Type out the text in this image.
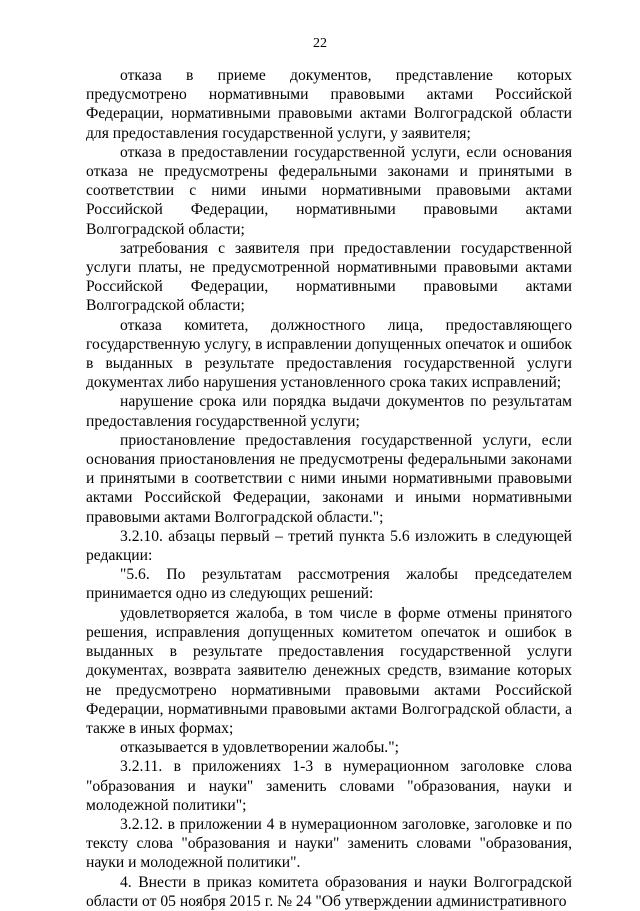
22

отказа в приеме документов, представление которых предусмотрено нормативными правовыми актами Российской Федерации, нормативными правовыми актами Волгоградской области для предоставления государственной услуги, у заявителя;

отказа в предоставлении государственной услуги, если основания отказа не предусмотрены федеральными законами и принятыми в соответствии с ними иными нормативными правовыми актами Российской Федерации, нормативными правовыми актами Волгоградской области;

затребования с заявителя при предоставлении государственной услуги платы, не предусмотренной нормативными правовыми актами Российской Федерации, нормативными правовыми актами Волгоградской области;

отказа комитета, должностного лица, предоставляющего государственную услугу, в исправлении допущенных опечаток и ошибок в выданных в результате предоставления государственной услуги документах либо нарушения установленного срока таких исправлений;

нарушение срока или порядка выдачи документов по результатам предоставления государственной услуги;

приостановление предоставления государственной услуги, если основания приостановления не предусмотрены федеральными законами и принятыми в соответствии с ними иными нормативными правовыми актами Российской Федерации, законами и иными нормативными правовыми актами Волгоградской области.";

3.2.10. абзацы первый – третий пункта 5.6 изложить в следующей редакции:

"5.6. По результатам рассмотрения жалобы председателем принимается одно из следующих решений:

удовлетворяется жалоба, в том числе в форме отмены принятого решения, исправления допущенных комитетом опечаток и ошибок в выданных в результате предоставления государственной услуги документах, возврата заявителю денежных средств, взимание которых не предусмотрено нормативными правовыми актами Российской Федерации, нормативными правовыми актами Волгоградской области, а также в иных формах;

отказывается в удовлетворении жалобы.";

3.2.11. в приложениях 1-3 в нумерационном заголовке слова "образования и науки" заменить словами "образования, науки и молодежной политики";

3.2.12. в приложении 4 в нумерационном заголовке, заголовке и по тексту слова "образования и науки" заменить словами "образования, науки и молодежной политики".

4. Внести в приказ комитета образования и науки Волгоградской области от 05 ноября 2015 г. № 24 "Об утверждении административного
